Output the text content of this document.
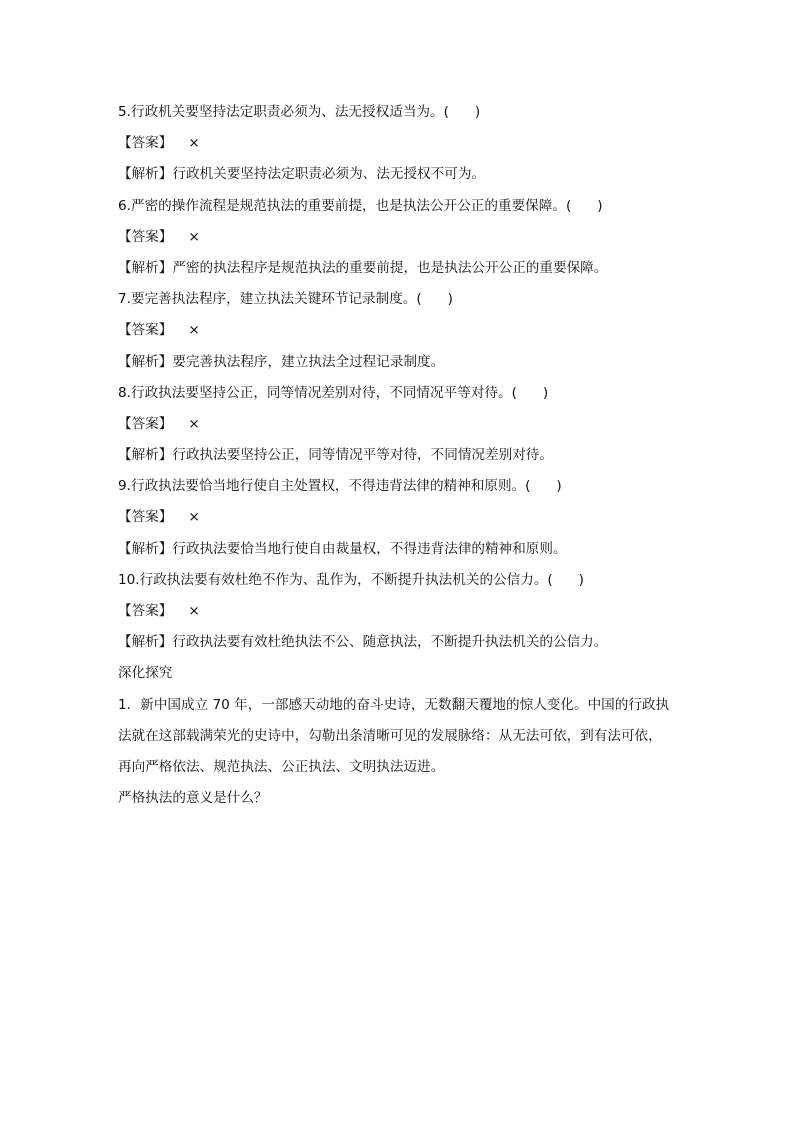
5.行政机关要坚持法定职责必须为、法无授权适当为。(      )
【答案】 ×
【解析】行政机关要坚持法定职责必须为、法无授权不可为。
6.严密的操作流程是规范执法的重要前提，也是执法公开公正的重要保障。(      )
【答案】 ×
【解析】严密的执法程序是规范执法的重要前提，也是执法公开公正的重要保障。
7.要完善执法程序，建立执法关键环节记录制度。(      )
【答案】 ×
【解析】要完善执法程序，建立执法全过程记录制度。
8.行政执法要坚持公正，同等情况差别对待，不同情况平等对待。(      )
【答案】 ×
【解析】行政执法要坚持公正，同等情况平等对待，不同情况差别对待。
9.行政执法要恰当地行使自主处置权，不得违背法律的精神和原则。(      )
【答案】 ×
【解析】行政执法要恰当地行使自由裁量权，不得违背法律的精神和原则。
10.行政执法要有效杜绝不作为、乱作为，不断提升执法机关的公信力。(      )
【答案】 ×
【解析】行政执法要有效杜绝执法不公、随意执法，不断提升执法机关的公信力。
深化探究
1．新中国成立 70 年，一部感天动地的奋斗史诗，无数翻天覆地的惊人变化。中国的行政执
法就在这部载满荣光的史诗中，勾勒出条清晰可见的发展脉络：从无法可依，到有法可依，
再向严格依法、规范执法、公正执法、文明执法迈进。
严格执法的意义是什么？
